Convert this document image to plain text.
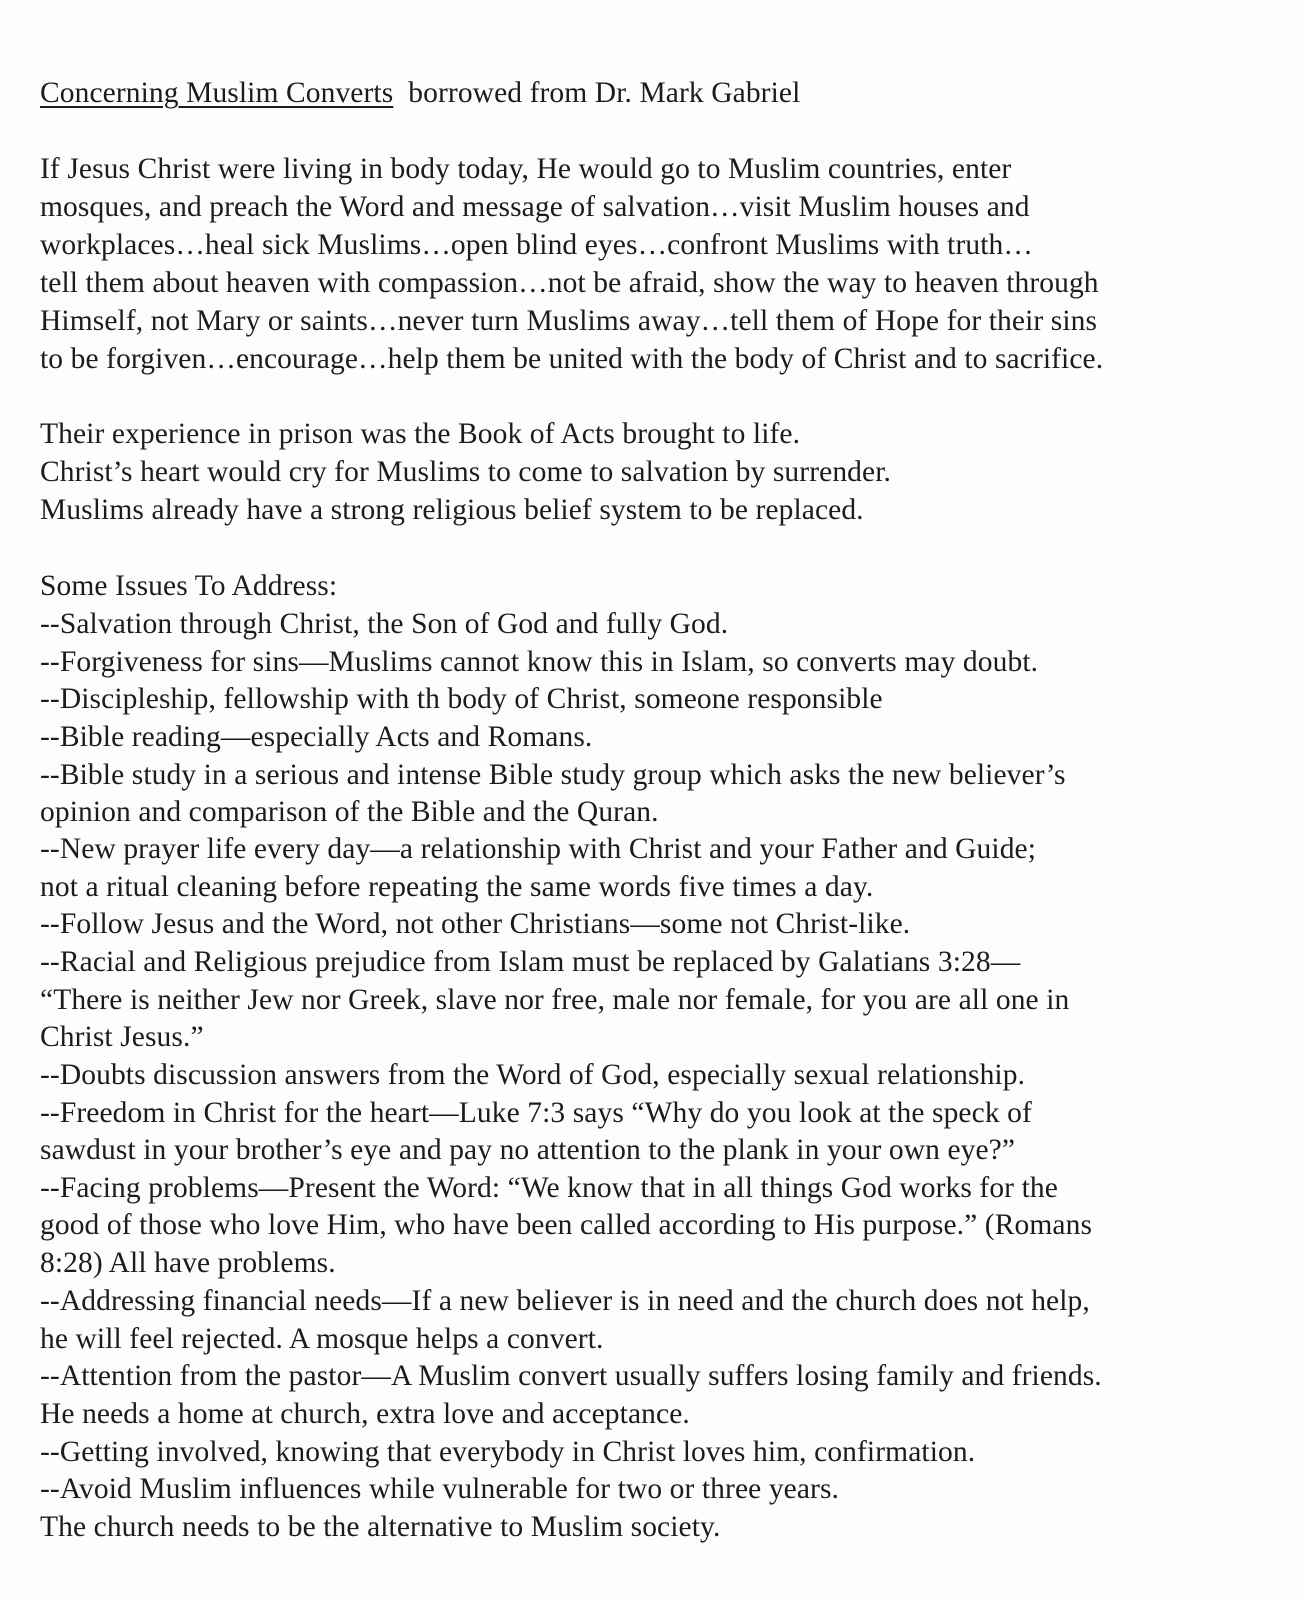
Concerning Muslim Converts borrowed from Dr. Mark Gabriel
If Jesus Christ were living in body today, He would go to Muslim countries, enter
mosques, and preach the Word and message of salvation…visit Muslim houses and
workplaces…heal sick Muslims…open blind eyes…confront Muslims with truth…
tell them about heaven with compassion…not be afraid, show the way to heaven through
Himself, not Mary or saints…never turn Muslims away…tell them of Hope for their sins
to be forgiven…encourage…help them be united with the body of Christ and to sacrifice.
Their experience in prison was the Book of Acts brought to life.
Christ’s heart would cry for Muslims to come to salvation by surrender.
Muslims already have a strong religious belief system to be replaced.
Some Issues To Address:
--Salvation through Christ, the Son of God and fully God.
--Forgiveness for sins—Muslims cannot know this in Islam, so converts may doubt.
--Discipleship, fellowship with th body of Christ, someone responsible
--Bible reading—especially Acts and Romans.
--Bible study in a serious and intense Bible study group which asks the new believer’s
opinion and comparison of the Bible and the Quran.
--New prayer life every day—a relationship with Christ and your Father and Guide;
not a ritual cleaning before repeating the same words five times a day.
--Follow Jesus and the Word, not other Christians—some not Christ-like.
--Racial and Religious prejudice from Islam must be replaced by Galatians 3:28—
“There is neither Jew nor Greek, slave nor free, male nor female, for you are all one in
Christ Jesus.”
--Doubts discussion answers from the Word of God, especially sexual relationship.
--Freedom in Christ for the heart—Luke 7:3 says “Why do you look at the speck of
sawdust in your brother’s eye and pay no attention to the plank in your own eye?”
--Facing problems—Present the Word: “We know that in all things God works for the
good of those who love Him, who have been called according to His purpose.” (Romans
8:28) All have problems.
--Addressing financial needs—If a new believer is in need and the church does not help,
he will feel rejected. A mosque helps a convert.
--Attention from the pastor—A Muslim convert usually suffers losing family and friends.
He needs a home at church, extra love and acceptance.
--Getting involved, knowing that everybody in Christ loves him, confirmation.
--Avoid Muslim influences while vulnerable for two or three years.
The church needs to be the alternative to Muslim society.
